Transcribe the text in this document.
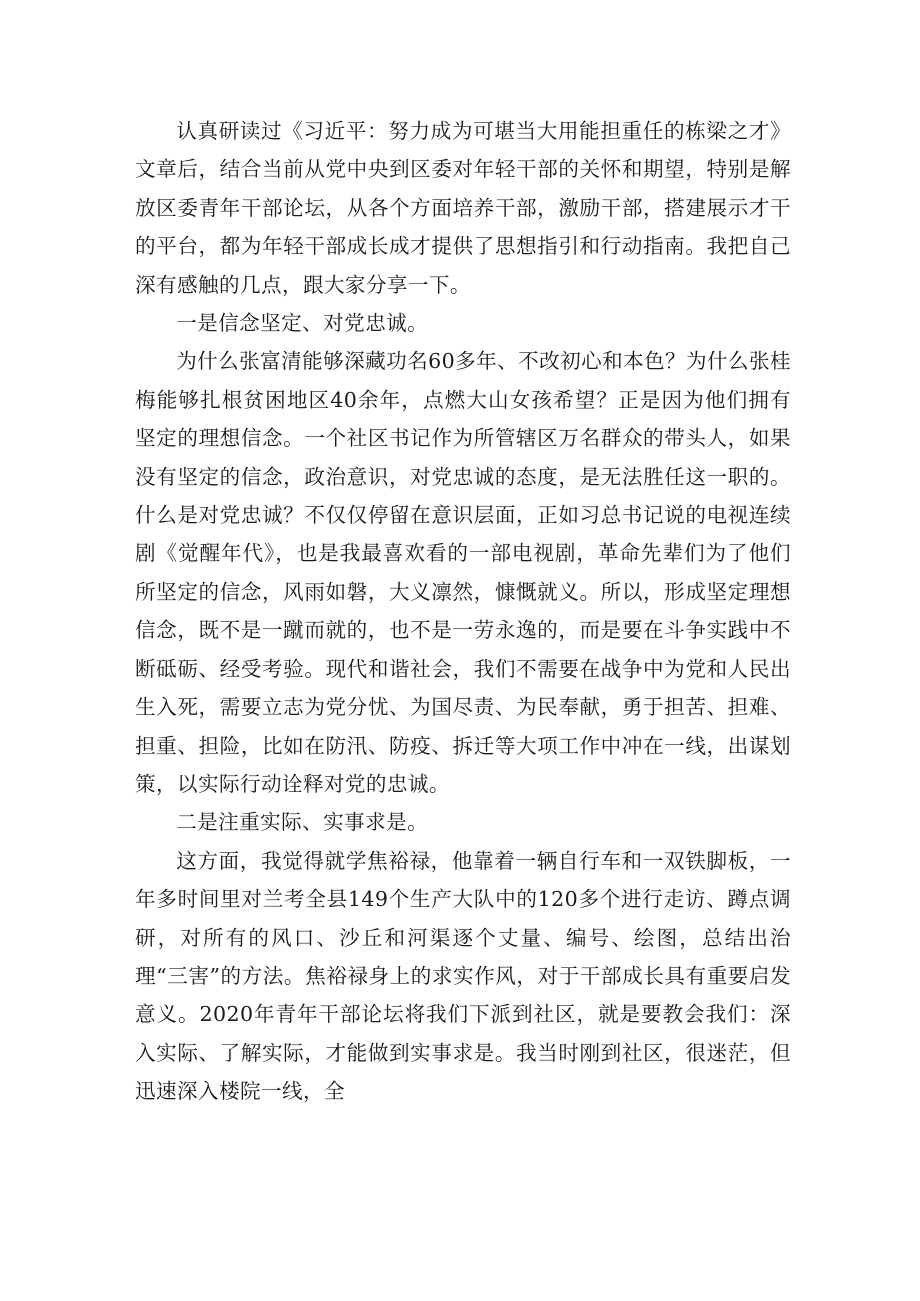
认真研读过《习近平：努力成为可堪当大用能担重任的栋梁之才》文章后，结合当前从党中央到区委对年轻干部的关怀和期望，特别是解放区委青年干部论坛，从各个方面培养干部，激励干部，搭建展示才干的平台，都为年轻干部成长成才提供了思想指引和行动指南。我把自己深有感触的几点，跟大家分享一下。

一是信念坚定、对党忠诚。

为什么张富清能够深藏功名60多年、不改初心和本色？为什么张桂梅能够扎根贫困地区40余年，点燃大山女孩希望？正是因为他们拥有坚定的理想信念。一个社区书记作为所管辖区万名群众的带头人，如果没有坚定的信念，政治意识，对党忠诚的态度，是无法胜任这一职的。什么是对党忠诚？不仅仅停留在意识层面，正如习总书记说的电视连续剧《觉醒年代》，也是我最喜欢看的一部电视剧，革命先辈们为了他们所坚定的信念，风雨如磐，大义凛然，慷慨就义。所以，形成坚定理想信念，既不是一蹴而就的，也不是一劳永逸的，而是要在斗争实践中不断砥砺、经受考验。现代和谐社会，我们不需要在战争中为党和人民出生入死，需要立志为党分忧、为国尽责、为民奉献，勇于担苦、担难、担重、担险，比如在防汛、防疫、拆迁等大项工作中冲在一线，出谋划策，以实际行动诠释对党的忠诚。

二是注重实际、实事求是。

这方面，我觉得就学焦裕禄，他靠着一辆自行车和一双铁脚板，一年多时间里对兰考全县149个生产大队中的120多个进行走访、蹲点调研，对所有的风口、沙丘和河渠逐个丈量、编号、绘图，总结出治理“三害”的方法。焦裕禄身上的求实作风，对于干部成长具有重要启发意义。2020年青年干部论坛将我们下派到社区，就是要教会我们：深入实际、了解实际，才能做到实事求是。我当时刚到社区，很迷茫，但迅速深入楼院一线，全
